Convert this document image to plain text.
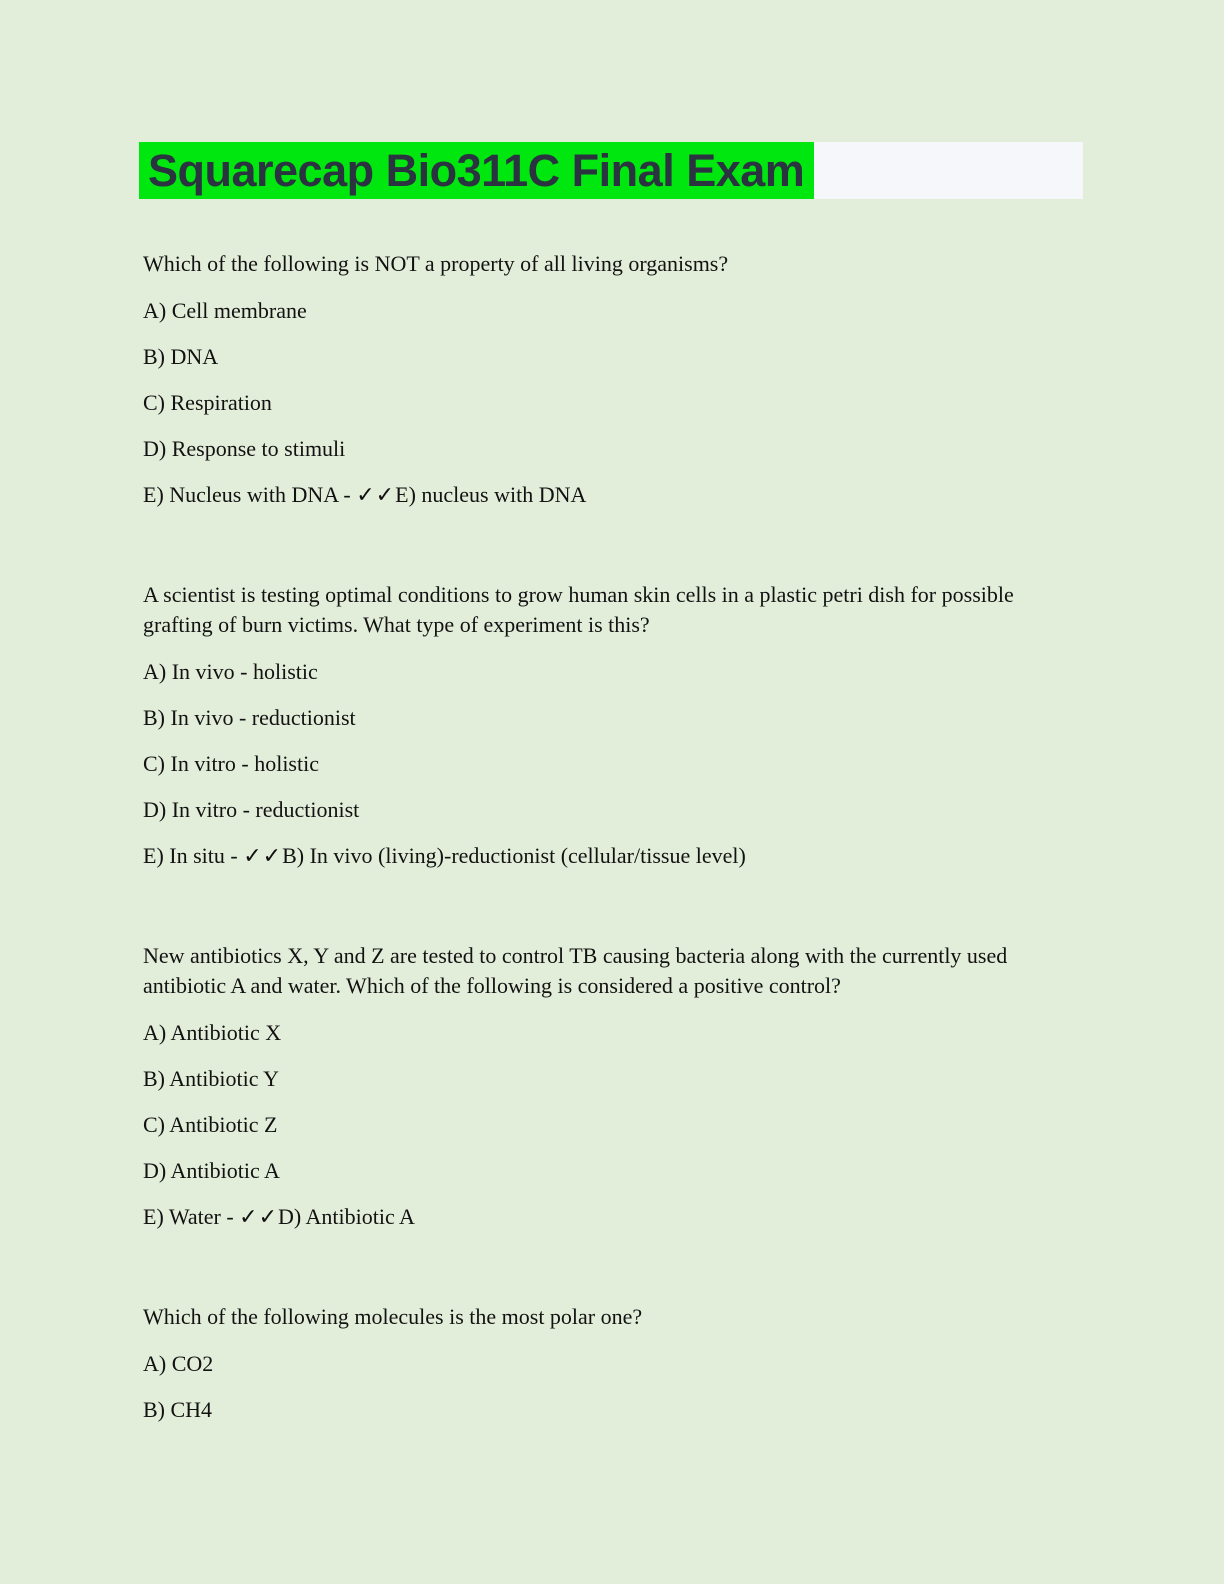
Squarecap Bio311C Final Exam

Which of the following is NOT a property of all living organisms?

A) Cell membrane

B) DNA

C) Respiration

D) Response to stimuli

E) Nucleus with DNA - ✓✓E) nucleus with DNA

A scientist is testing optimal conditions to grow human skin cells in a plastic petri dish for possible grafting of burn victims. What type of experiment is this?

A) In vivo - holistic

B) In vivo - reductionist

C) In vitro - holistic

D) In vitro - reductionist

E) In situ - ✓✓B) In vivo (living)-reductionist (cellular/tissue level)

New antibiotics X, Y and Z are tested to control TB causing bacteria along with the currently used antibiotic A and water. Which of the following is considered a positive control?

A) Antibiotic X

B) Antibiotic Y

C) Antibiotic Z

D) Antibiotic A

E) Water - ✓✓D) Antibiotic A

Which of the following molecules is the most polar one?

A) CO2

B) CH4
